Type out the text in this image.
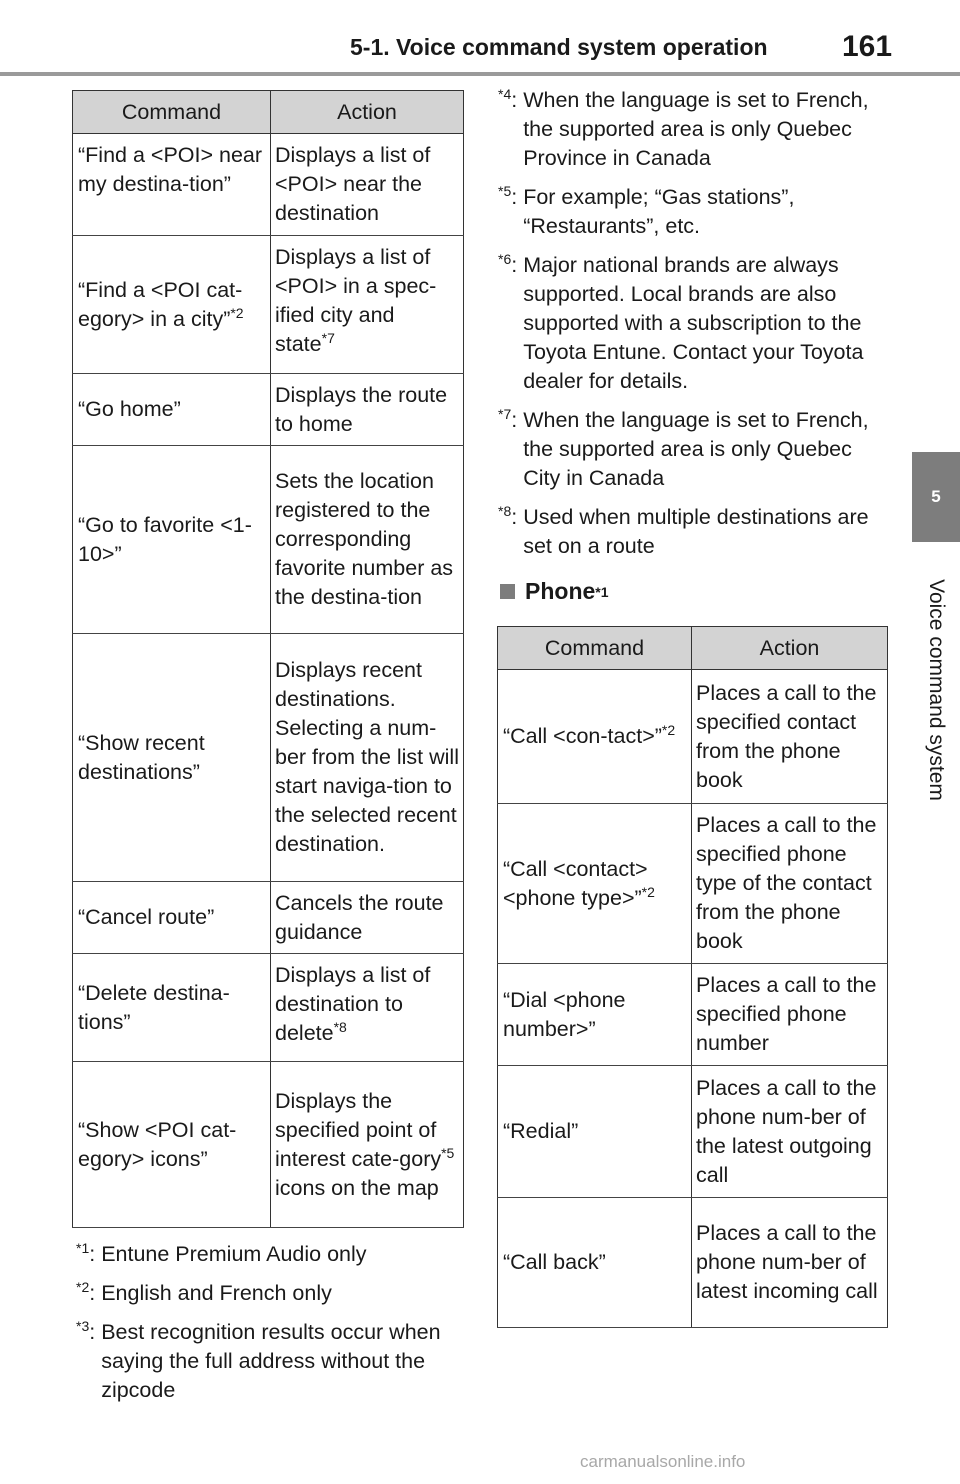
5-1. Voice command system operation 161
5
Voice command system
Command	Action
“Find a <POI> near my destina-tion”	Displays a list of <POI> near the destination
“Find a <POI cat-egory> in a city”$^{*2}$	Displays a list of <POI> in a spec-ified city and state$^{*7}$
“Go home”	Displays the route to home
“Go to favorite <1-10>”	Sets the location registered to the corresponding favorite number as the destina-tion
“Show recent destinations”	Displays recent destinations. Selecting a num-ber from the list will start naviga-tion to the selected recent destination.
“Cancel route”	Cancels the route guidance
“Delete destina-tions”	Displays a list of destination to delete$^{*8}$
“Show <POI cat-egory> icons”	Displays the specified point of interest cate-gory$^{*5}$ icons on the map
$^{*1}$: Entune Premium Audio only
$^{*2}$: English and French only
$^{*3}$: Best recognition results occur when saying the full address without the zipcode
$^{*4}$: When the language is set to French, the supported area is only Quebec Province in Canada
$^{*5}$: For example; “Gas stations”, “Restaurants”, etc.
$^{*6}$: Major national brands are always supported. Local brands are also supported with a subscription to the Toyota Entune. Contact your Toyota dealer for details.
$^{*7}$: When the language is set to French, the supported area is only Quebec City in Canada
$^{*8}$: Used when multiple destinations are set on a route
Phone *1
Command	Action
“Call <con-tact>”$^{*2}$	Places a call to the specified contact from the phone book
“Call <contact> <phone type>”$^{*2}$	Places a call to the specified phone type of the contact from the phone book
“Dial <phone number>”	Places a call to the specified phone number
“Redial”	Places a call to the phone num-ber of the latest outgoing call
“Call back”	Places a call to the phone num-ber of latest incoming call
carmanualsonline.info
